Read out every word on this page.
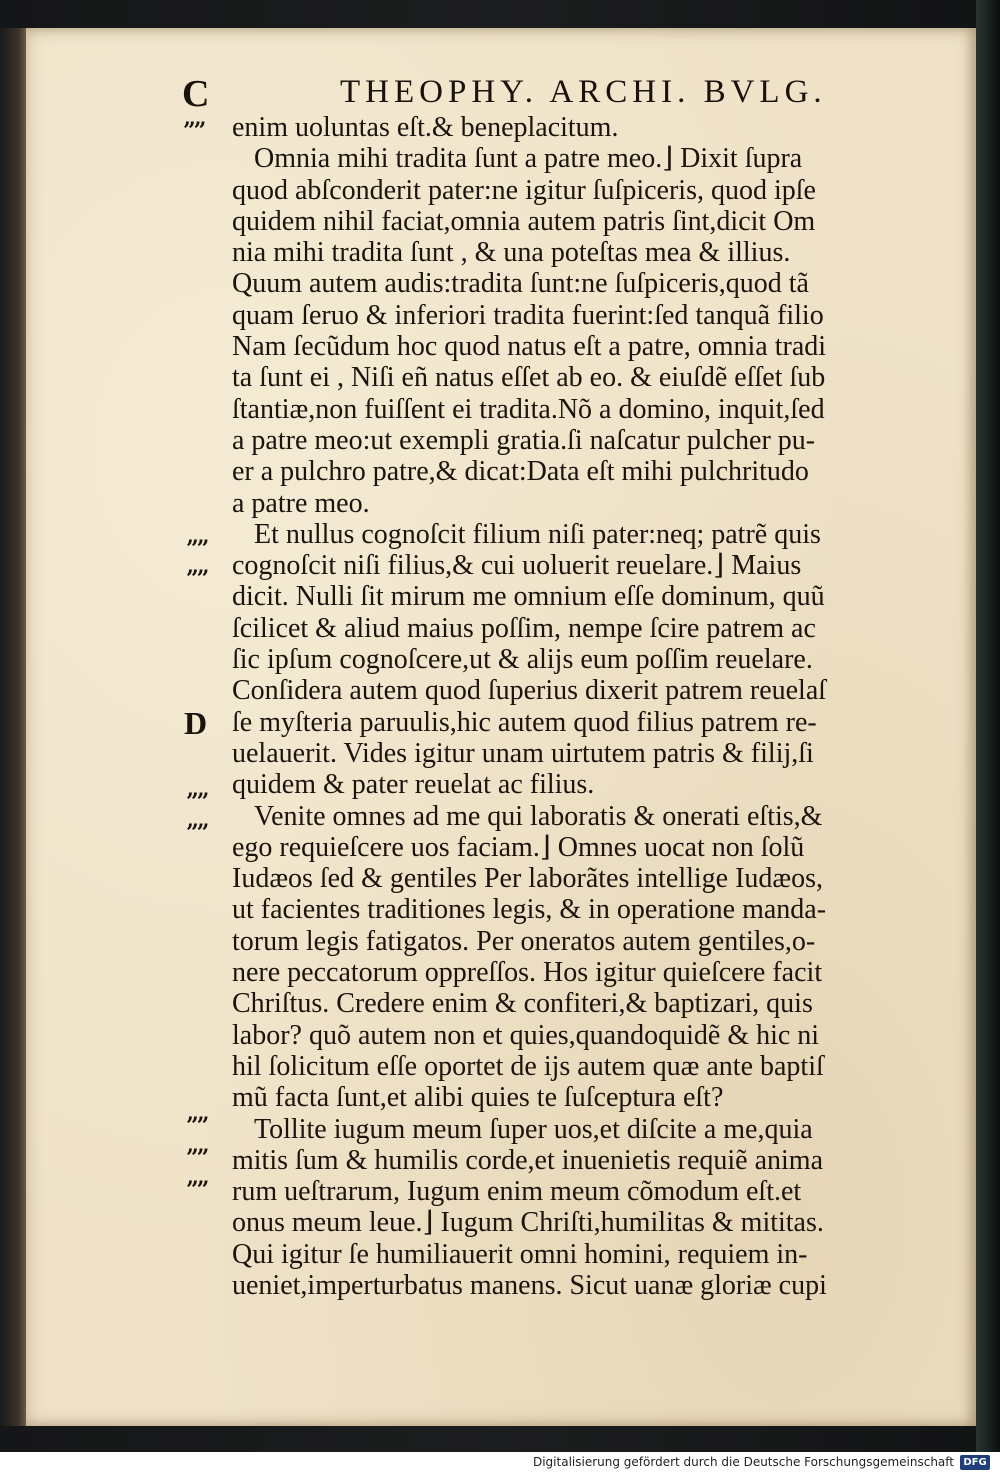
C	THEOPHY. ARCHI. BVLG.
””
””
””
””
””
””
””
””
D
enim uoluntas eſt.& beneplacitum.
Omnia mihi tradita ſunt a patre meo.⌋ Dixit ſupra
quod abſconderit pater:ne igitur ſuſpiceris, quod ipſe
quidem nihil faciat,omnia autem patris ſint,dicit Om
nia mihi tradita ſunt , & una poteſtas mea & illius.
Quum autem audis:tradita ſunt:ne ſuſpiceris,quod tã
quam ſeruo & inferiori tradita fuerint:ſed tanquã filio
Nam ſecũdum hoc quod natus eſt a patre, omnia tradi
ta ſunt ei , Niſi eñ natus eſſet ab eo. & eiuſdẽ eſſet ſub
ſtantiæ,non fuiſſent ei tradita.Nõ a domino, inquit,ſed
a patre meo:ut exempli gratia.ſi naſcatur pulcher pu-
er a pulchro patre,& dicat:Data eſt mihi pulchritudo
a patre meo.
Et nullus cognoſcit filium niſi pater:neq; patrẽ quis
cognoſcit niſi filius,& cui uoluerit reuelare.⌋ Maius
dicit. Nulli ſit mirum me omnium eſſe dominum, quũ
ſcilicet & aliud maius poſſim, nempe ſcire patrem ac
ſic ipſum cognoſcere,ut & alijs eum poſſim reuelare.
Conſidera autem quod ſuperius dixerit patrem reuelaſ
ſe myſteria paruulis,hic autem quod filius patrem re-
uelauerit. Vides igitur unam uirtutem patris & filij,ſi
quidem & pater reuelat ac filius.
Venite omnes ad me qui laboratis & onerati eſtis,&
ego requieſcere uos faciam.⌋ Omnes uocat non ſolũ
Iudæos ſed & gentiles Per laborãtes intellige Iudæos,
ut facientes traditiones legis, & in operatione manda-
torum legis fatigatos. Per oneratos autem gentiles,o-
nere peccatorum oppreſſos. Hos igitur quieſcere facit
Chriſtus. Credere enim & confiteri,& baptizari, quis
labor? quõ autem non et quies,quandoquidẽ & hic ni
hil ſolicitum eſſe oportet de ijs autem quæ ante baptiſ
mũ facta ſunt,et alibi quies te ſuſceptura eſt?
Tollite iugum meum ſuper uos,et diſcite a me,quia
mitis ſum & humilis corde,et inuenietis requiẽ anima
rum ueſtrarum, Iugum enim meum cõmodum eſt.et
onus meum leue.⌋ Iugum Chriſti,humilitas & mititas.
Qui igitur ſe humiliauerit omni homini, requiem in-
ueniet,imperturbatus manens. Sicut uanæ gloriæ cupi
Digitalisierung gefördert durch die Deutsche Forschungsgemeinschaft DFG
